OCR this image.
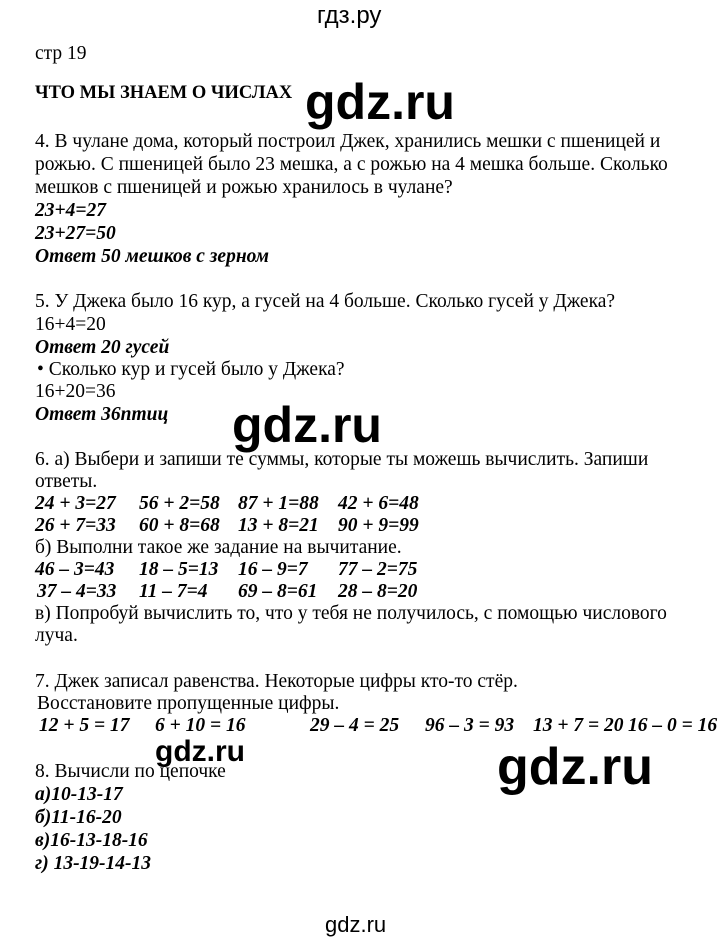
гдз.ру
стр 19
ЧТО МЫ ЗНАЕМ О ЧИСЛАХ gdz.ru
gdz.ru
gdz.ru	gdz.ru
4. В чулане дома, который построил Джек, хранились мешки с пшеницей и
рожью. С пшеницей было 23 мешка, а с рожью на 4 мешка больше. Сколько
мешков с пшеницей и рожью хранилось в чулане?
23+4=27
23+27=50
Ответ 50 мешков с зерном
5. У Джека было 16 кур, а гусей на 4 больше. Сколько гусей у Джека?
16+4=20
Ответ 20 гусей
• Сколько кур и гусей было у Джека?
16+20=36
Ответ 36птиц
6. а) Выбери и запиши те суммы, которые ты можешь вычислить. Запиши
ответы.
24 + 3=27 56 + 2=58 87 + 1=88 42 + 6=48
26 + 7=33 60 + 8=68 13 + 8=21 90 + 9=99
б) Выполни такое же задание на вычитание.
46 – 3=43 18 – 5=13 16 – 9=7 77 – 2=75
37 – 4=33 11 – 7=4 69 – 8=61 28 – 8=20
в) Попробуй вычислить то, что у тебя не получилось, с помощью числового
луча.
7. Джек записал равенства. Некоторые цифры кто-то стёр.
Восстановите пропущенные цифры.
12 + 5 = 17 6 + 10 = 16	29 – 4 = 25 96 – 3 = 93 13 + 7 = 20 16 – 0 = 16
8. Вычисли по цепочке
а)10-13-17
б)11-16-20
в)16-13-18-16
г) 13-19-14-13
gdz.ru
